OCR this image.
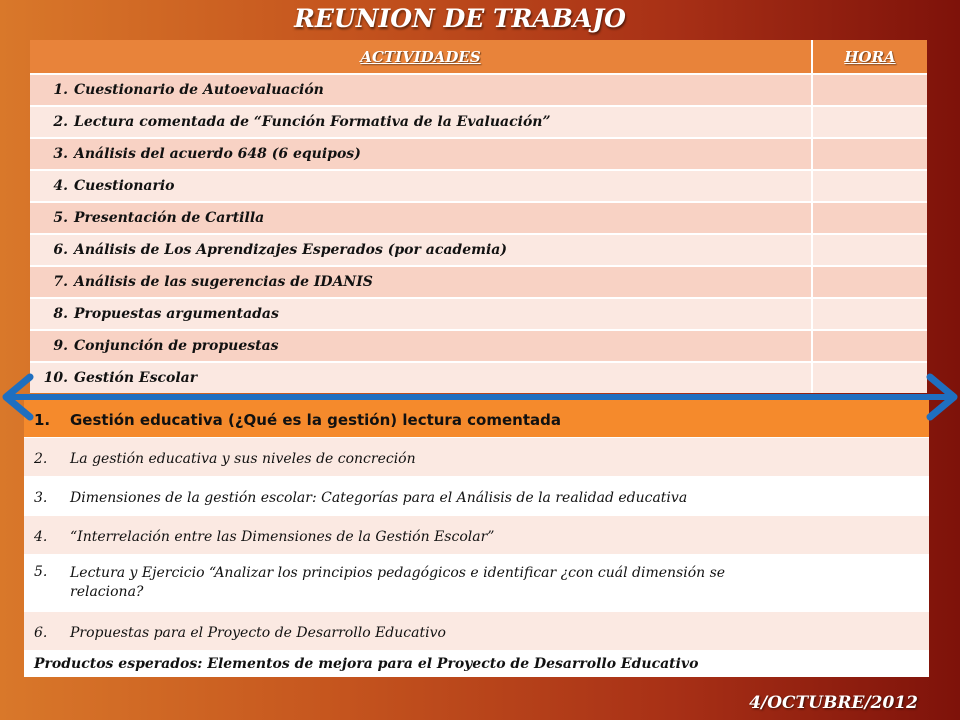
REUNION DE TRABAJO
ACTIVIDADES	HORA
1. Cuestionario de Autoevaluación	
2. Lectura comentada de “Función Formativa de la Evaluación”	
3. Análisis del acuerdo 648 (6 equipos)	
4. Cuestionario	
5. Presentación de Cartilla	
6. Análisis de Los Aprendizajes Esperados (por academia)	
7. Análisis de las sugerencias de IDANIS	
8. Propuestas argumentadas	
9. Conjunción de propuestas	
10. Gestión Escolar	
1.	Gestión educativa (¿Qué es la gestión) lectura comentada

2.	La gestión educativa y sus niveles de concreción

3.	Dimensiones de la gestión escolar: Categorías para el Análisis de la realidad educativa

4.	“Interrelación entre las Dimensiones de la Gestión Escolar”

5.	Lectura y Ejercicio “Analizar los principios pedagógicos e identificar ¿con cuál dimensión se relaciona?

6.	Propuestas para el Proyecto de Desarrollo Educativo

Productos esperados: Elementos de mejora para el Proyecto de Desarrollo Educativo
4/OCTUBRE/2012
